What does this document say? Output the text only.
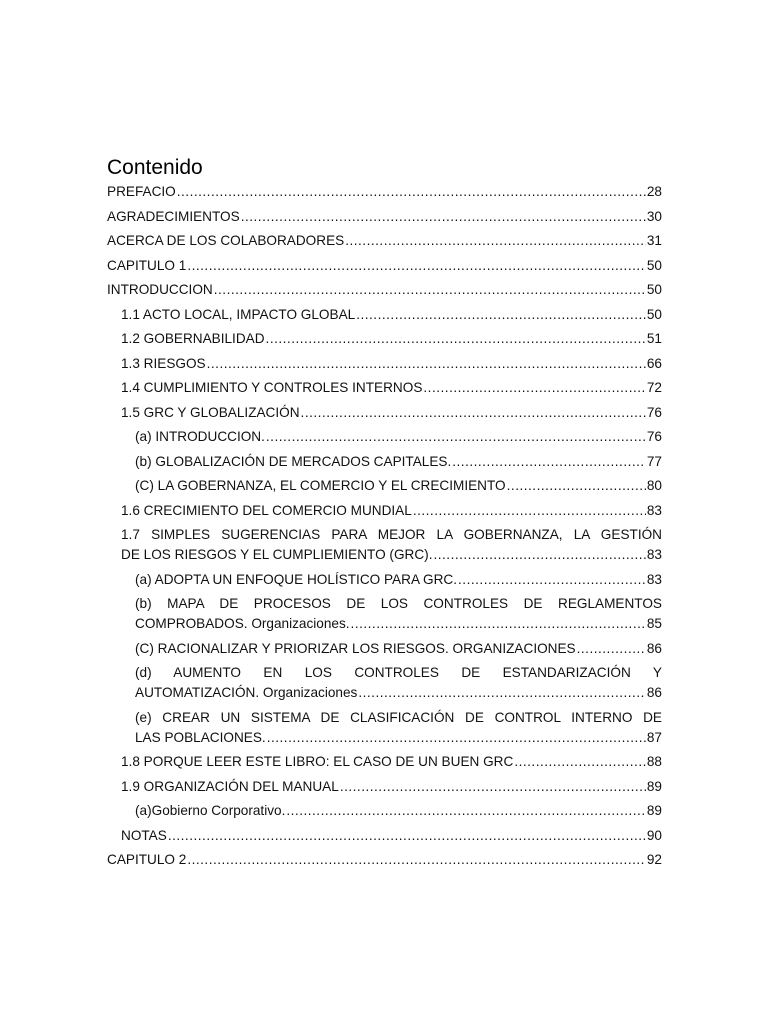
Contenido
PREFACIO .....	28
AGRADECIMIENTOS .....	30
ACERCA DE LOS COLABORADORES .....	31
CAPITULO 1 .....	50
INTRODUCCION .....	50
1.1 ACTO LOCAL, IMPACTO GLOBAL .....	50
1.2 GOBERNABILIDAD .....	51
1.3 RIESGOS .....	66
1.4 CUMPLIMIENTO Y CONTROLES INTERNOS .....	72
1.5 GRC Y GLOBALIZACIÓN .....	76
(a) INTRODUCCION. .....	76
(b) GLOBALIZACIÓN DE MERCADOS CAPITALES. .....	77
(C) LA GOBERNANZA, EL COMERCIO Y EL CRECIMIENTO .....	80
1.6 CRECIMIENTO DEL COMERCIO MUNDIAL .....	83
1.7 SIMPLES SUGERENCIAS PARA MEJOR LA GOBERNANZA, LA GESTIÓN
DE LOS RIESGOS Y EL CUMPLIEMIENTO (GRC). .....	83
(a) ADOPTA UN ENFOQUE HOLÍSTICO PARA GRC. .....	83
(b) MAPA DE PROCESOS DE LOS CONTROLES DE REGLAMENTOS
COMPROBADOS. Organizaciones. .....	85
(C) RACIONALIZAR Y PRIORIZAR LOS RIESGOS. ORGANIZACIONES .....	86
(d) AUMENTO EN LOS CONTROLES DE ESTANDARIZACIÓN Y
AUTOMATIZACIÓN. Organizaciones .....	86
(e) CREAR UN SISTEMA DE CLASIFICACIÓN DE CONTROL INTERNO DE
LAS POBLACIONES. .....	87
1.8 PORQUE LEER ESTE LIBRO: EL CASO DE UN BUEN GRC .....	88
1.9 ORGANIZACIÓN DEL MANUAL .....	89
(a)Gobierno Corporativo. .....	89
NOTAS .....	90
CAPITULO 2 .....	92
